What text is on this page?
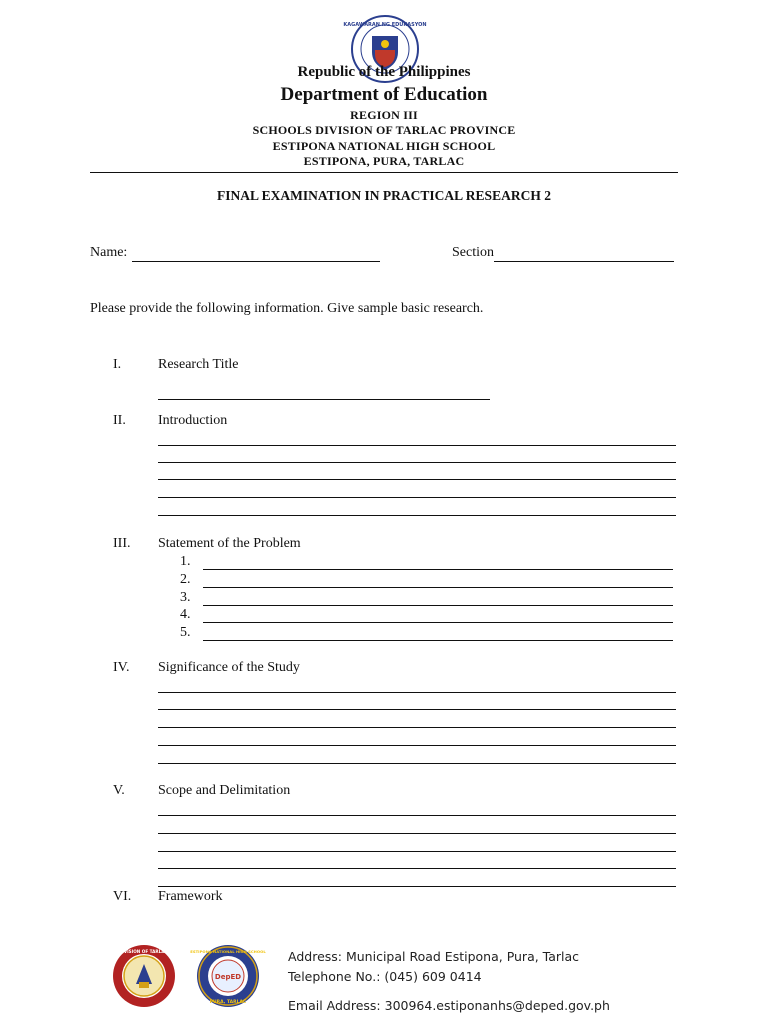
KAGAWARAN NG EDUKASYON
Republic of the Philippines
Department of Education
REGION III
SCHOOLS DIVISION OF TARLAC PROVINCE
ESTIPONA NATIONAL HIGH SCHOOL
ESTIPONA, PURA, TARLAC
FINAL EXAMINATION IN PRACTICAL RESEARCH 2
Name:	Section
Please provide the following information. Give sample basic research.
I.	Research Title
II. Introduction
III. Statement of the Problem
1.
2.
3.
4.
5.
IV. Significance of the Study
V. Scope and Delimitation
VI. Framework
SCHOOLS DIVISION OF TARLAC PROVINCE
DepED
ESTIPONA NATIONAL HIGH SCHOOL
PURA, TARLAC
Address: Municipal Road Estipona, Pura, Tarlac
Telephone No.: (045) 609 0414
Email Address: 300964.estiponanhs@deped.gov.ph
